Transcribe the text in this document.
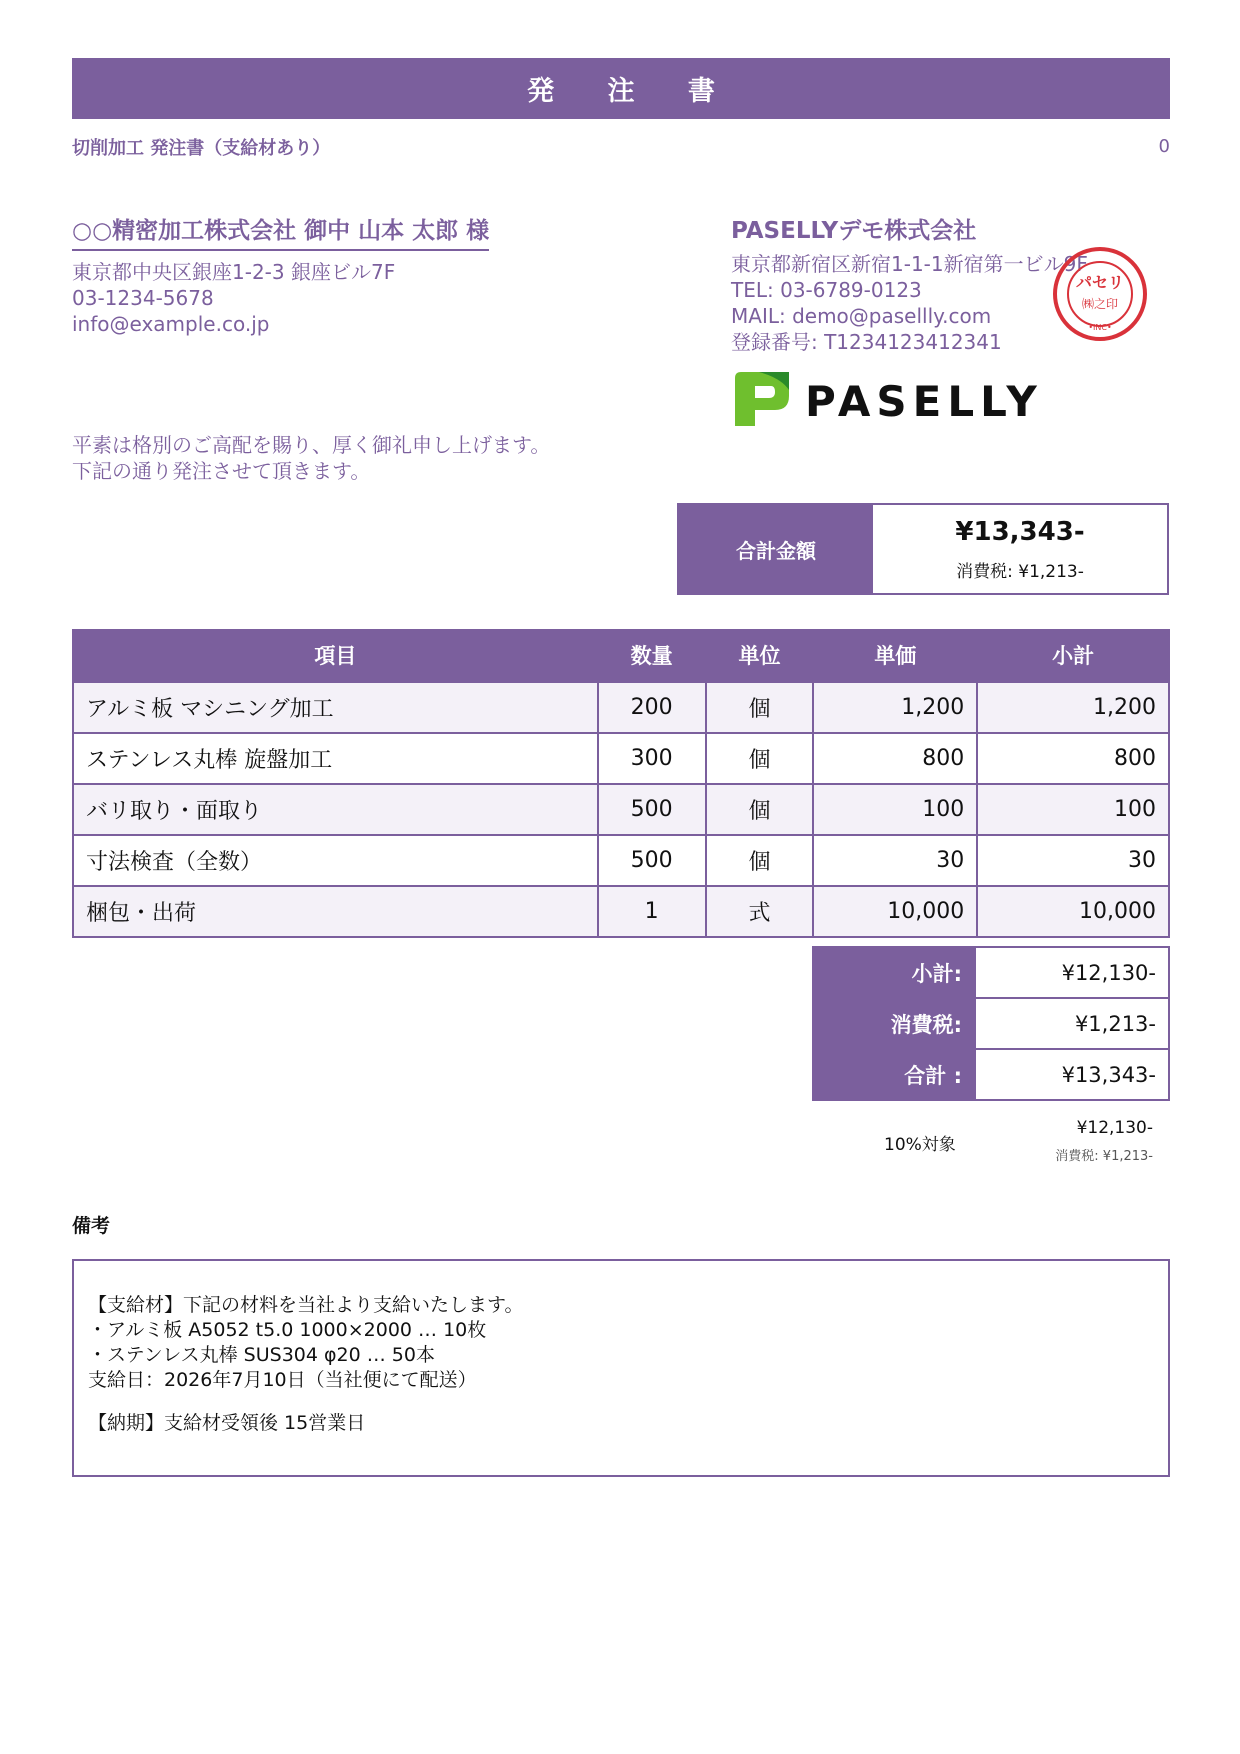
発 注 書
切削加工 発注書（支給材あり）	0
○○精密加工株式会社 御中 山本 太郎 様
東京都中央区銀座1-2-3 銀座ビル7F
03-1234-5678
info@example.co.jp
PASELLYデモ株式会社
東京都新宿区新宿1-1-1新宿第一ビル9F
TEL: 03-6789-0123
MAIL: demo@pasellly.com
登録番号: T1234123412341
パセリ
㈱之印
•INC•
PASELLY
平素は格別のご高配を賜り、厚く御礼申し上げます。
下記の通り発注させて頂きます。
合計金額
¥13,343-
消費税: ¥1,213-
項目	数量	単位	単価	小計
アルミ板 マシニング加工	200	個	1,200	1,200
ステンレス丸棒 旋盤加工	300	個	800	800
バリ取り・面取り	500	個	100	100
寸法検査（全数）	500	個	30	30
梱包・出荷	1	式	10,000	10,000
小計:	¥12,130-
消費税:	¥1,213-
合計 :	¥13,343-
10%対象
¥12,130-
消費税: ¥1,213-
備考
【支給材】下記の材料を当社より支給いたします。
・アルミ板 A5052 t5.0 1000×2000 … 10枚
・ステンレス丸棒 SUS304 φ20 … 50本
支給日：2026年7月10日（当社便にて配送）
【納期】支給材受領後 15営業日
